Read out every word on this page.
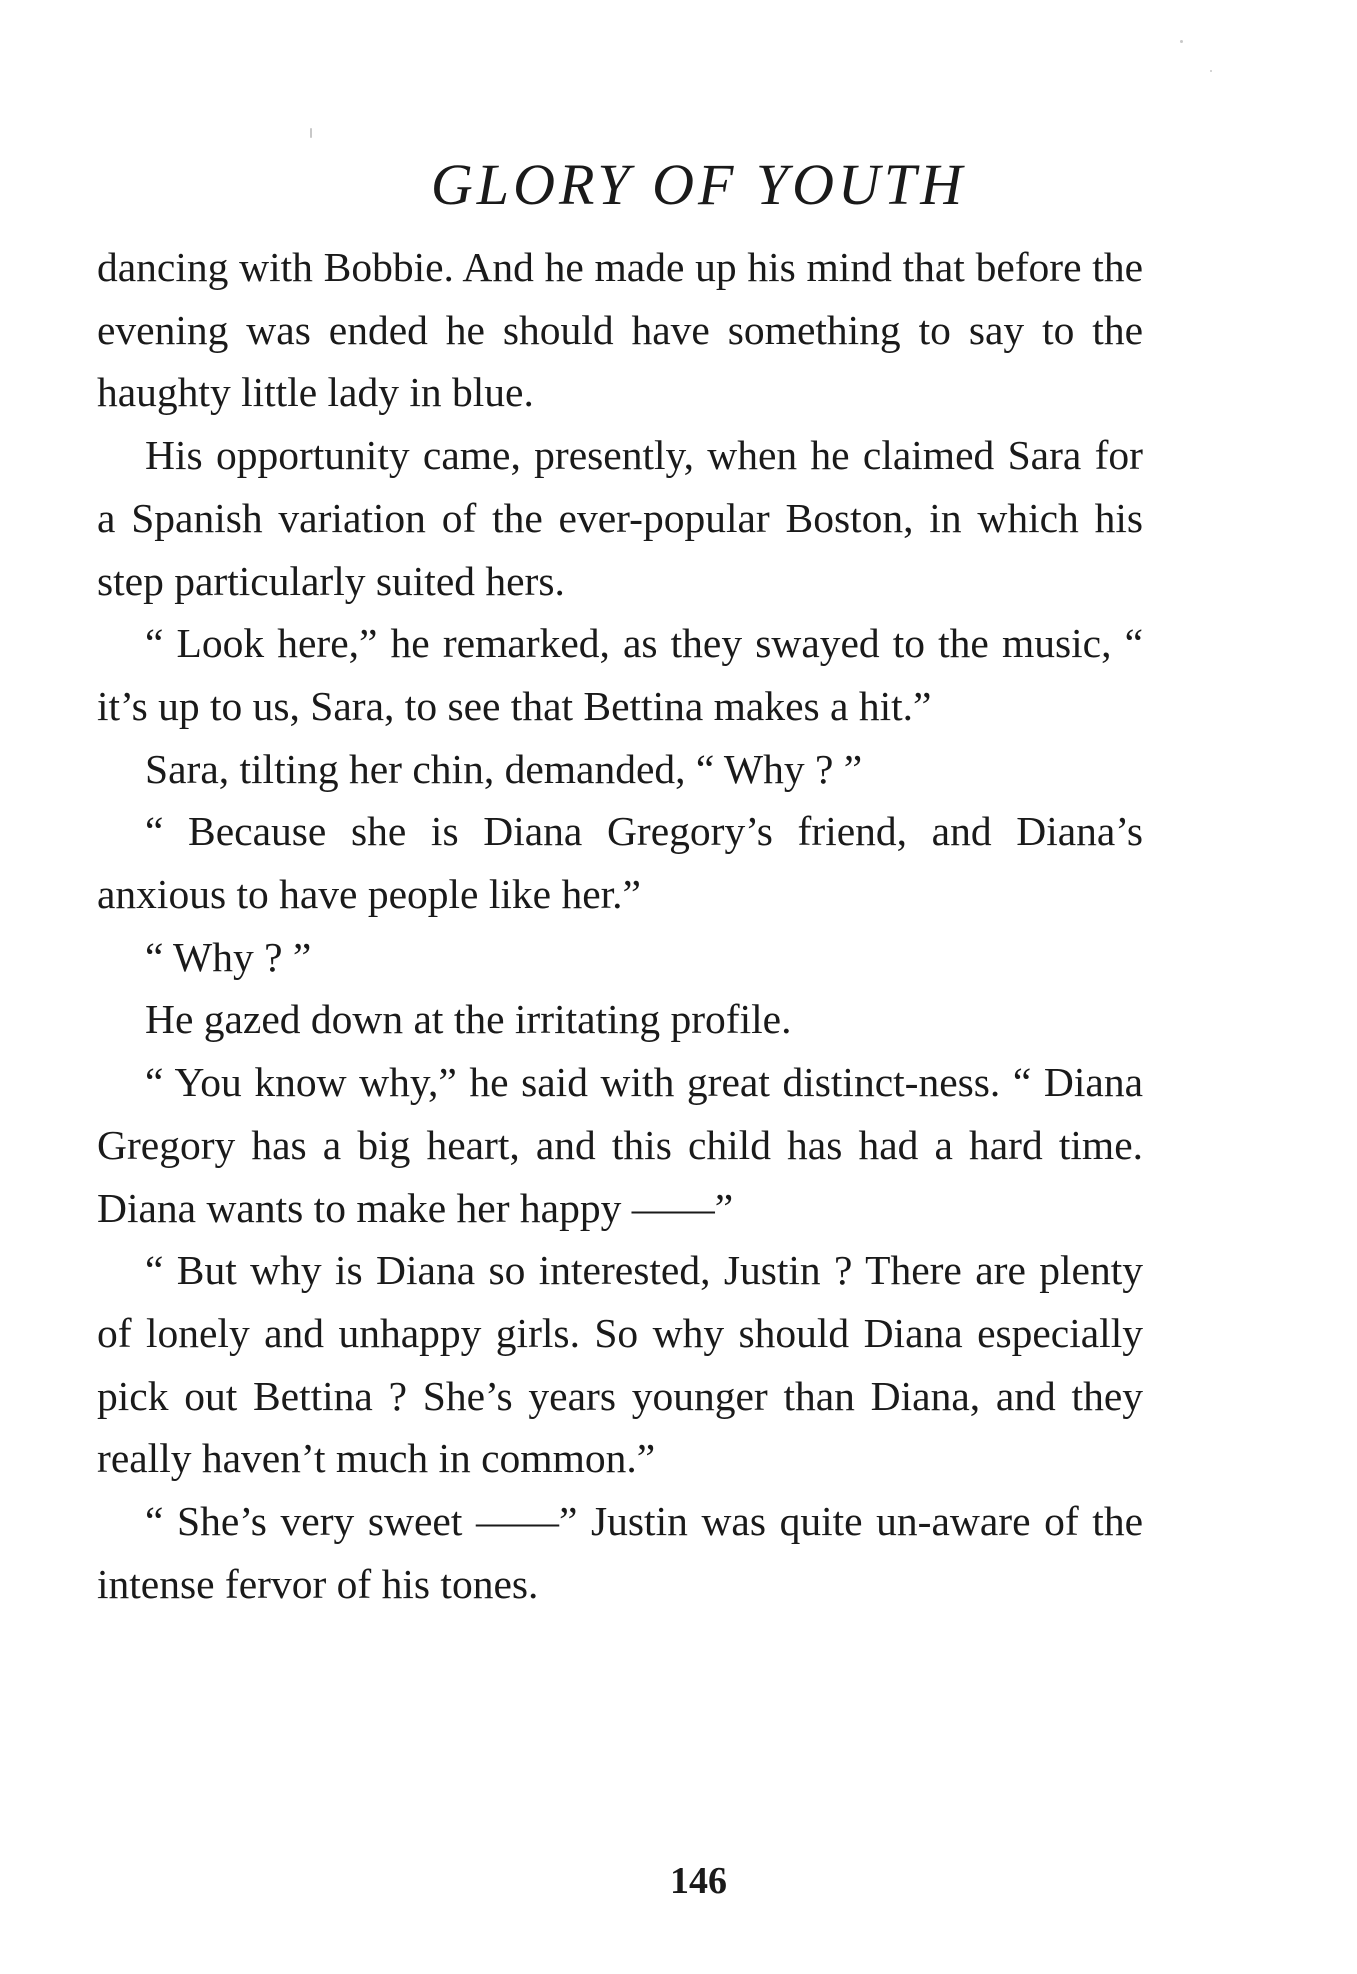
GLORY OF YOUTH

dancing with Bobbie. And he made up his mind that before the evening was ended he should have something to say to the haughty little lady in blue.

His opportunity came, presently, when he claimed Sara for a Spanish variation of the ever-popular Boston, in which his step particularly suited hers.

“ Look here,” he remarked, as they swayed to the music, “ it’s up to us, Sara, to see that Bettina makes a hit.”

Sara, tilting her chin, demanded, “ Why ? ”

“ Because she is Diana Gregory’s friend, and Diana’s anxious to have people like her.”

“ Why ? ”

He gazed down at the irritating profile.

“ You know why,” he said with great distinct-ness. “ Diana Gregory has a big heart, and this child has had a hard time. Diana wants to make her happy ——”

“ But why is Diana so interested, Justin ? There are plenty of lonely and unhappy girls. So why should Diana especially pick out Bettina ? She’s years younger than Diana, and they really haven’t much in common.”

“ She’s very sweet ——” Justin was quite un-aware of the intense fervor of his tones.

146
